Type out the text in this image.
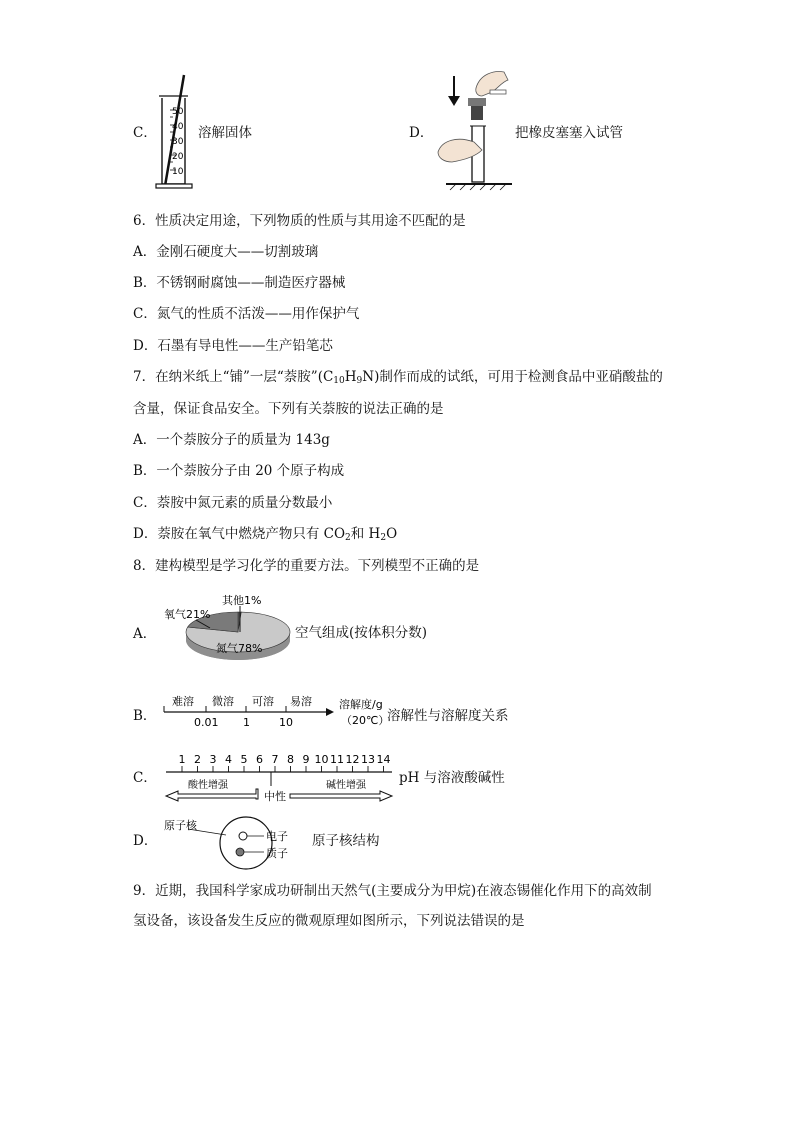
C．
50
40
30
20
10
溶解固体	D．	把橡皮塞塞入试管
6．性质决定用途，下列物质的性质与其用途不匹配的是
A．金刚石硬度大——切割玻璃
B．不锈钢耐腐蚀——制造医疗器械
C．氮气的性质不活泼——用作保护气
D．石墨有导电性——生产铅笔芯
7．在纳米纸上“铺”一层“萘胺$”(C_{10}H_9N)$制作而成的试纸，可用于检测食品中亚硝酸盐的
含量，保证食品安全。下列有关萘胺的说法正确的是
A．一个萘胺分子的质量为 143g
B．一个萘胺分子由 20 个原子构成
C．萘胺中氮元素的质量分数最小
D．萘胺在氧气中燃烧产物只有 $CO_2$和 $H_2O$
8．建构模型是学习化学的重要方法。下列模型不正确的是
A．
氧气21%
其他1%
氮气78%
空气组成(按体积分数)
B．
难溶 微溶 可溶 易溶
0.01 1	10
溶解度/g
（20℃）
溶解性与溶解度关系
C．
1 2 3 4 5 6 7 8 9 10 11 12 13 14
酸性增强
中性
碱性增强 pH 与溶液酸碱性
D．
原子核
电子
质子
原子核结构
9．近期，我国科学家成功研制出天然气(主要成分为甲烷)在液态锡催化作用下的高效制
氢设备，该设备发生反应的微观原理如图所示，下列说法错误的是
